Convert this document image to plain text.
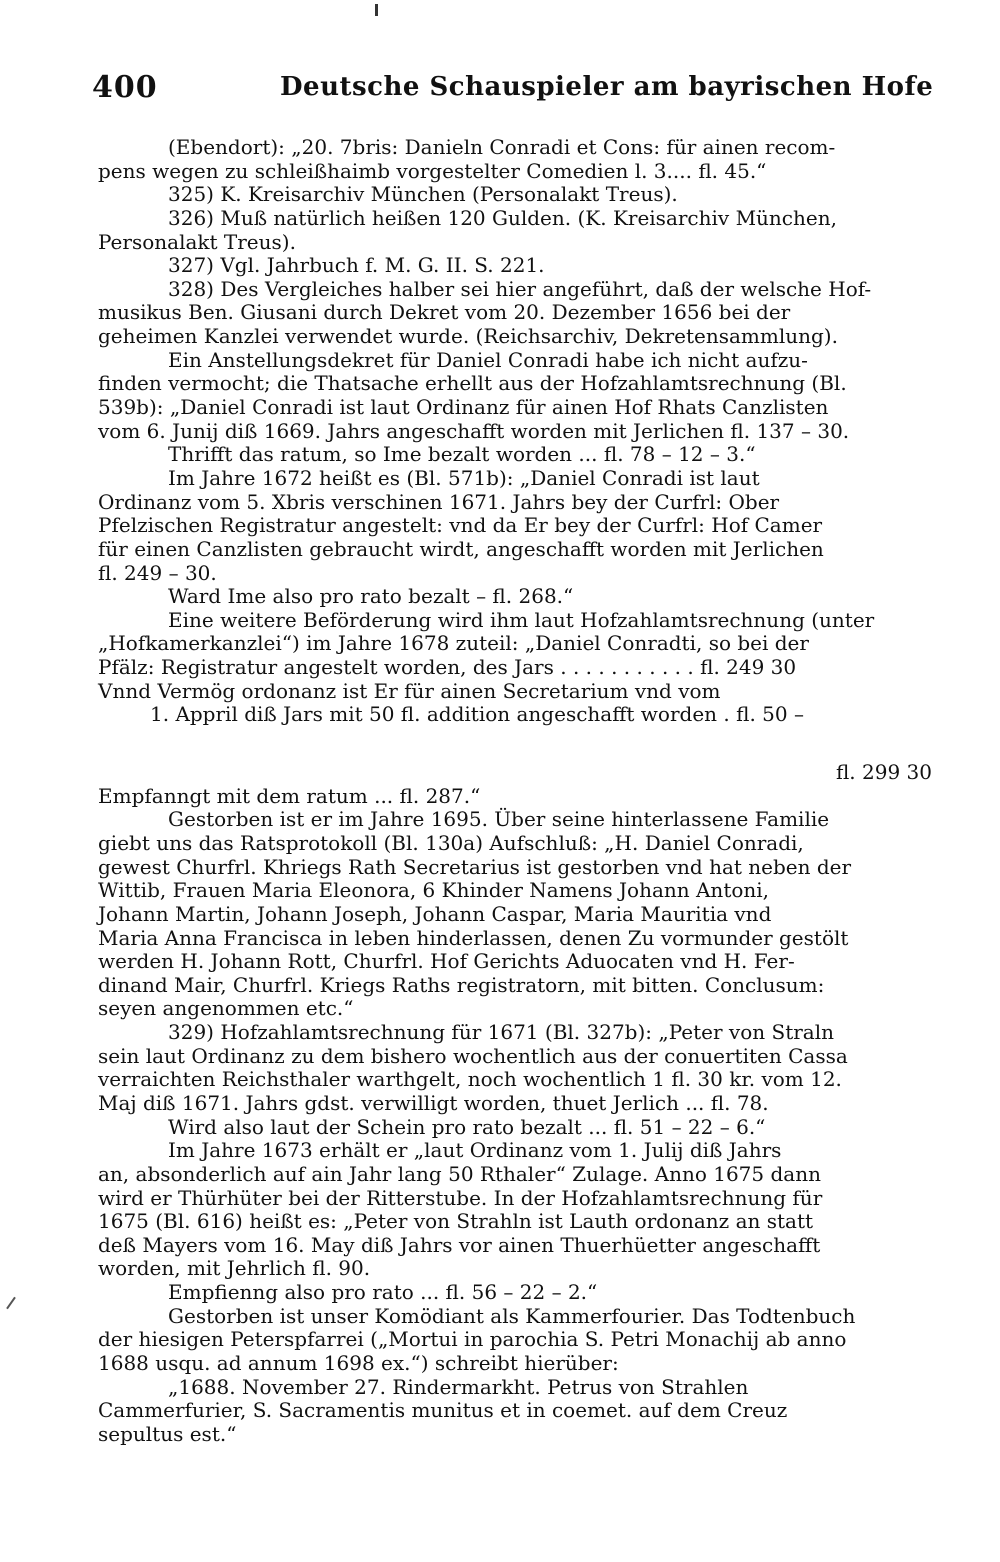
400	Deutsche Schauspieler am bayrischen Hofe
(Ebendort): „20. 7bris: Danieln Conradi et Cons: für ainen recom-
pens wegen zu schleißhaimb vorgestelter Comedien l. 3.... fl. 45.“
325) K. Kreisarchiv München (Personalakt Treus).
326) Muß natürlich heißen 120 Gulden. (K. Kreisarchiv München,
Personalakt Treus).
327) Vgl. Jahrbuch f. M. G. II. S. 221.
328) Des Vergleiches halber sei hier angeführt, daß der welsche Hof-
musikus Ben. Giusani durch Dekret vom 20. Dezember 1656 bei der
geheimen Kanzlei verwendet wurde. (Reichsarchiv, Dekretensammlung).
Ein Anstellungsdekret für Daniel Conradi habe ich nicht aufzu-
finden vermocht; die Thatsache erhellt aus der Hofzahlamtsrechnung (Bl.
539b): „Daniel Conradi ist laut Ordinanz für ainen Hof Rhats Canzlisten
vom 6. Junij diß 1669. Jahrs angeschafft worden mit Jerlichen fl. 137 – 30.
Thrifft das ratum, so Ime bezalt worden ... fl. 78 – 12 – 3.“
Im Jahre 1672 heißt es (Bl. 571b): „Daniel Conradi ist laut
Ordinanz vom 5. Xbris verschinen 1671. Jahrs bey der Curfrl: Ober
Pfelzischen Registratur angestelt: vnd da Er bey der Curfrl: Hof Camer
für einen Canzlisten gebraucht wirdt, angeschafft worden mit Jerlichen
fl. 249 – 30.
Ward Ime also pro rato bezalt – fl. 268.“
Eine weitere Beförderung wird ihm laut Hofzahlamtsrechnung (unter
„Hofkamerkanzlei“) im Jahre 1678 zuteil: „Daniel Conradti, so bei der
Pfälz: Registratur angestelt worden, des Jars . . . . . . . . . . . fl. 249 30
Vnnd Vermög ordonanz ist Er für ainen Secretarium vnd vom
1. Appril diß Jars mit 50 fl. addition angeschafft worden . fl. 50 –
fl. 299 30
Empfanngt mit dem ratum ... fl. 287.“
Gestorben ist er im Jahre 1695. Über seine hinterlassene Familie
giebt uns das Ratsprotokoll (Bl. 130a) Aufschluß: „H. Daniel Conradi,
gewest Churfrl. Khriegs Rath Secretarius ist gestorben vnd hat neben der
Wittib, Frauen Maria Eleonora, 6 Khinder Namens Johann Antoni,
Johann Martin, Johann Joseph, Johann Caspar, Maria Mauritia vnd
Maria Anna Francisca in leben hinderlassen, denen Zu vormunder gestölt
werden H. Johann Rott, Churfrl. Hof Gerichts Aduocaten vnd H. Fer-
dinand Mair, Churfrl. Kriegs Raths registratorn, mit bitten. Conclusum:
seyen angenommen etc.“
329) Hofzahlamtsrechnung für 1671 (Bl. 327b): „Peter von Straln
sein laut Ordinanz zu dem bishero wochentlich aus der conuertiten Cassa
verraichten Reichsthaler warthgelt, noch wochentlich 1 fl. 30 kr. vom 12.
Maj diß 1671. Jahrs gdst. verwilligt worden, thuet Jerlich ... fl. 78.
Wird also laut der Schein pro rato bezalt ... fl. 51 – 22 – 6.“
Im Jahre 1673 erhält er „laut Ordinanz vom 1. Julij diß Jahrs
an, absonderlich auf ain Jahr lang 50 Rthaler“ Zulage. Anno 1675 dann
wird er Thürhüter bei der Ritterstube. In der Hofzahlamtsrechnung für
1675 (Bl. 616) heißt es: „Peter von Strahln ist Lauth ordonanz an statt
deß Mayers vom 16. May diß Jahrs vor ainen Thuerhüetter angeschafft
worden, mit Jehrlich fl. 90.
Empfienng also pro rato ... fl. 56 – 22 – 2.“
Gestorben ist unser Komödiant als Kammerfourier. Das Todtenbuch
der hiesigen Peterspfarrei („Mortui in parochia S. Petri Monachij ab anno
1688 usqu. ad annum 1698 ex.“) schreibt hierüber:
„1688. November 27. Rindermarkht. Petrus von Strahlen
Cammerfurier, S. Sacramentis munitus et in coemet. auf dem Creuz
sepultus est.“
